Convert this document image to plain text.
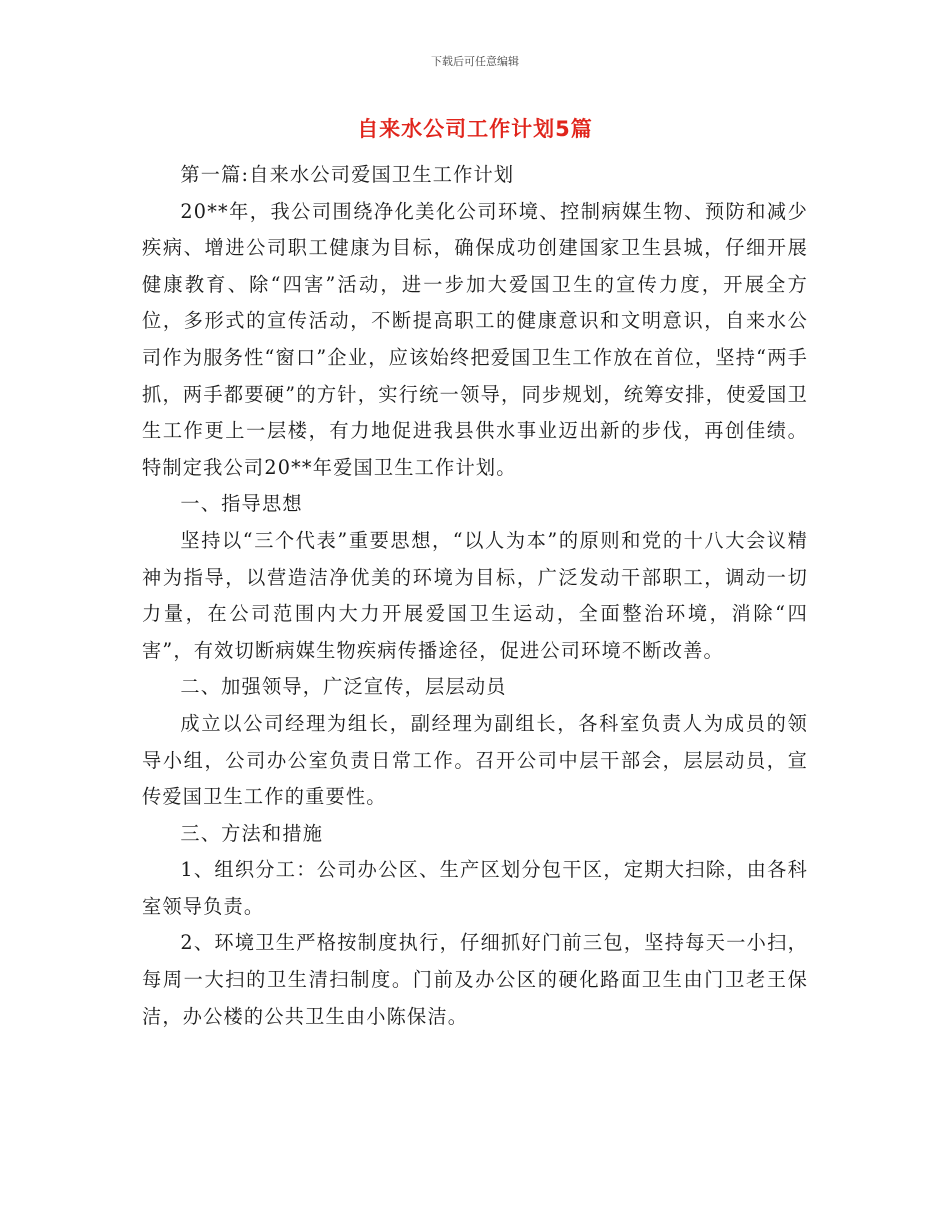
下载后可任意编辑
自来水公司工作计划5篇

第一篇:自来水公司爱国卫生工作计划

20**年，我公司围绕净化美化公司环境、控制病媒生物、预防和减少疾病、增进公司职工健康为目标，确保成功创建国家卫生县城，仔细开展健康教育、除“四害”活动，进一步加大爱国卫生的宣传力度，开展全方位，多形式的宣传活动，不断提高职工的健康意识和文明意识，自来水公司作为服务性“窗口”企业，应该始终把爱国卫生工作放在首位，坚持“两手抓，两手都要硬”的方针，实行统一领导，同步规划，统筹安排，使爱国卫生工作更上一层楼，有力地促进我县供水事业迈出新的步伐，再创佳绩。特制定我公司20**年爱国卫生工作计划。

一、指导思想

坚持以“三个代表”重要思想，“以人为本”的原则和党的十八大会议精神为指导，以营造洁净优美的环境为目标，广泛发动干部职工，调动一切力量，在公司范围内大力开展爱国卫生运动，全面整治环境，消除“四害”，有效切断病媒生物疾病传播途径，促进公司环境不断改善。

二、加强领导，广泛宣传，层层动员

成立以公司经理为组长，副经理为副组长，各科室负责人为成员的领导小组，公司办公室负责日常工作。召开公司中层干部会，层层动员，宣传爱国卫生工作的重要性。

三、方法和措施

1、组织分工：公司办公区、生产区划分包干区，定期大扫除，由各科室领导负责。

2、环境卫生严格按制度执行，仔细抓好门前三包，坚持每天一小扫，每周一大扫的卫生清扫制度。门前及办公区的硬化路面卫生由门卫老王保洁，办公楼的公共卫生由小陈保洁。
